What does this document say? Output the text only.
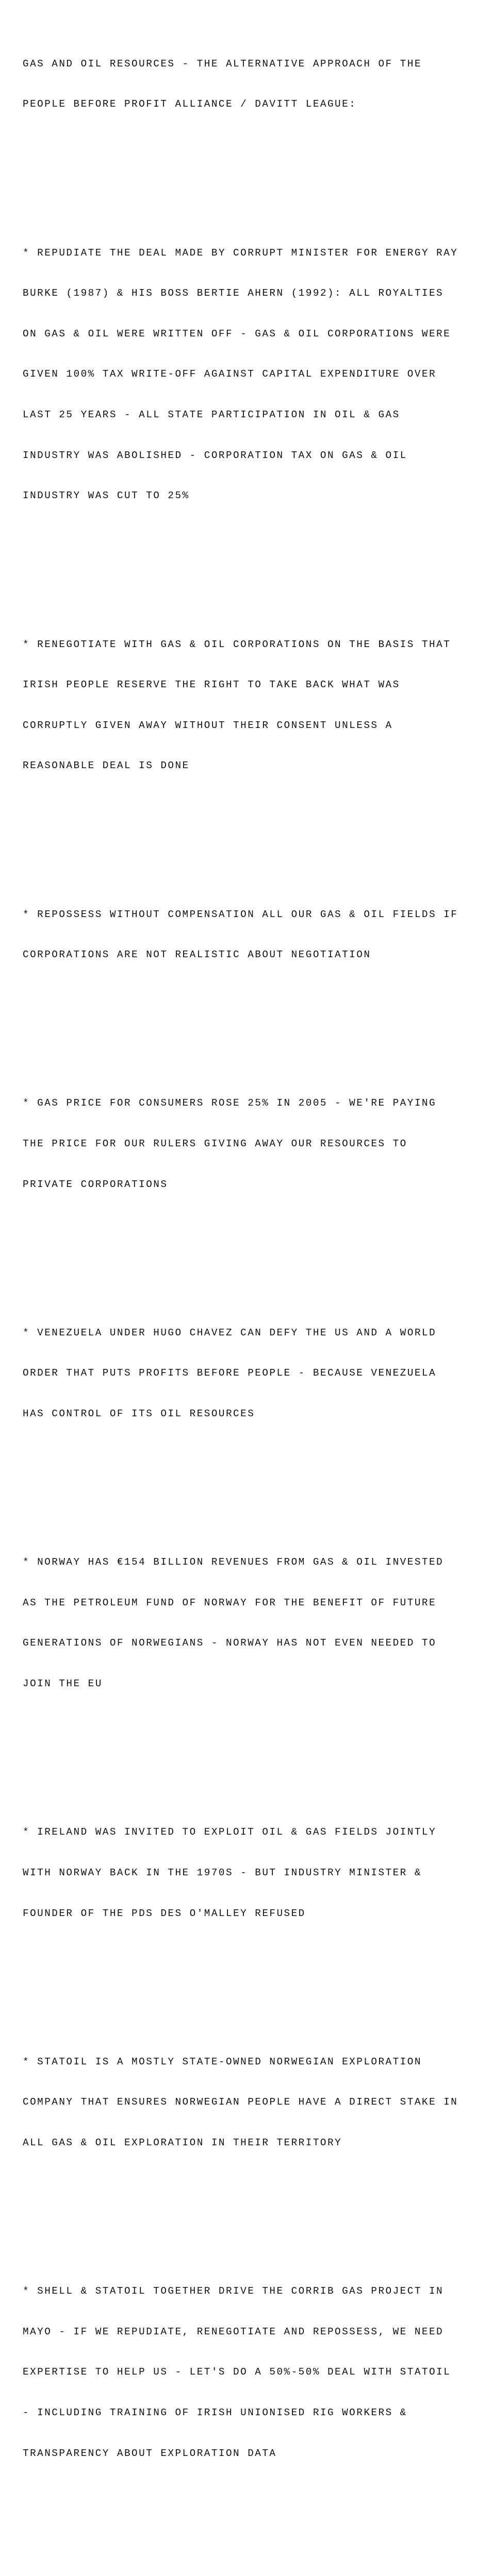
GAS AND OIL RESOURCES - THE ALTERNATIVE APPROACH OF THE

PEOPLE BEFORE PROFIT ALLIANCE / DAVITT LEAGUE:

* REPUDIATE THE DEAL MADE BY CORRUPT MINISTER FOR ENERGY RAY

BURKE (1987) & HIS BOSS BERTIE AHERN (1992): ALL ROYALTIES

ON GAS & OIL WERE WRITTEN OFF - GAS & OIL CORPORATIONS WERE

GIVEN 100% TAX WRITE-OFF AGAINST CAPITAL EXPENDITURE OVER

LAST 25 YEARS - ALL STATE PARTICIPATION IN OIL & GAS

INDUSTRY WAS ABOLISHED - CORPORATION TAX ON GAS & OIL

INDUSTRY WAS CUT TO 25%

* RENEGOTIATE WITH GAS & OIL CORPORATIONS ON THE BASIS THAT

IRISH PEOPLE RESERVE THE RIGHT TO TAKE BACK WHAT WAS

CORRUPTLY GIVEN AWAY WITHOUT THEIR CONSENT UNLESS A

REASONABLE DEAL IS DONE

* REPOSSESS WITHOUT COMPENSATION ALL OUR GAS & OIL FIELDS IF

CORPORATIONS ARE NOT REALISTIC ABOUT NEGOTIATION

* GAS PRICE FOR CONSUMERS ROSE 25% IN 2005 - WE'RE PAYING

THE PRICE FOR OUR RULERS GIVING AWAY OUR RESOURCES TO

PRIVATE CORPORATIONS

* VENEZUELA UNDER HUGO CHAVEZ CAN DEFY THE US AND A WORLD

ORDER THAT PUTS PROFITS BEFORE PEOPLE - BECAUSE VENEZUELA

HAS CONTROL OF ITS OIL RESOURCES

* NORWAY HAS €154 BILLION REVENUES FROM GAS & OIL INVESTED

AS THE PETROLEUM FUND OF NORWAY FOR THE BENEFIT OF FUTURE

GENERATIONS OF NORWEGIANS - NORWAY HAS NOT EVEN NEEDED TO

JOIN THE EU

* IRELAND WAS INVITED TO EXPLOIT OIL & GAS FIELDS JOINTLY

WITH NORWAY BACK IN THE 1970S - BUT INDUSTRY MINISTER &

FOUNDER OF THE PDS DES O'MALLEY REFUSED

* STATOIL IS A MOSTLY STATE-OWNED NORWEGIAN EXPLORATION

COMPANY THAT ENSURES NORWEGIAN PEOPLE HAVE A DIRECT STAKE IN

ALL GAS & OIL EXPLORATION IN THEIR TERRITORY

* SHELL & STATOIL TOGETHER DRIVE THE CORRIB GAS PROJECT IN

MAYO - IF WE REPUDIATE, RENEGOTIATE AND REPOSSESS, WE NEED

EXPERTISE TO HELP US - LET'S DO A 50%-50% DEAL WITH STATOIL

- INCLUDING TRAINING OF IRISH UNIONISED RIG WORKERS &

TRANSPARENCY ABOUT EXPLORATION DATA
